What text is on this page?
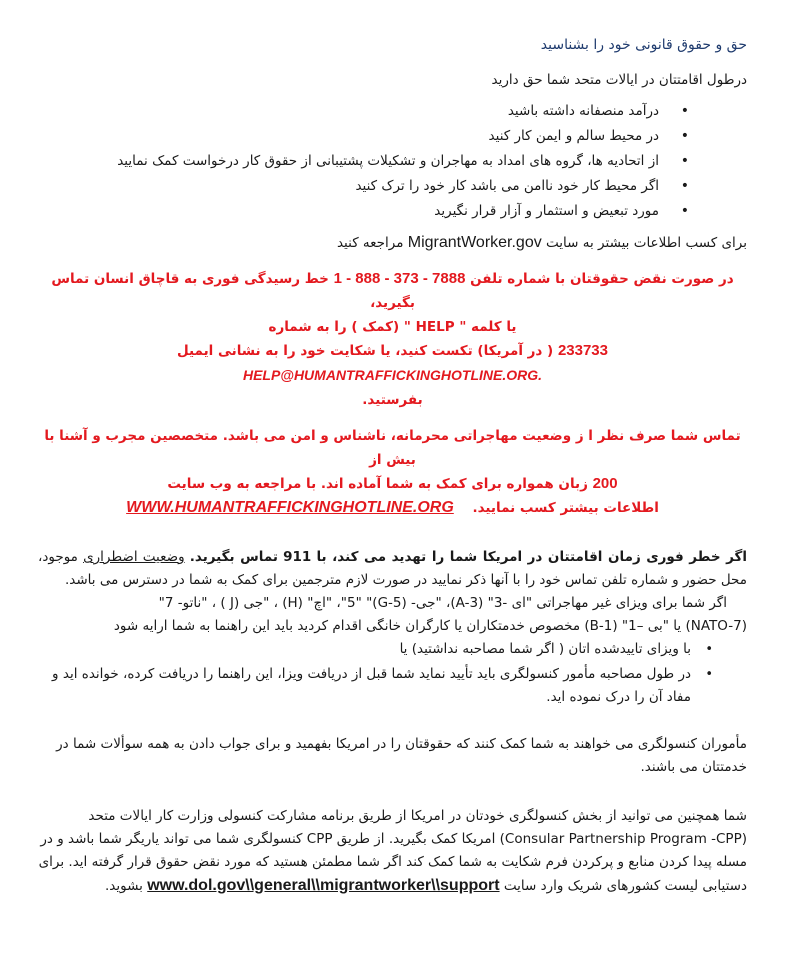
حق و حقوق قانونی خود را بشناسید

درطول اقامتتان در ایالات متحد شما حق دارید

• درآمد منصفانه داشته باشید
• در محیط سالم و ایمن کار کنید
• از اتحادیه ها، گروه های امداد به مهاجران و تشکیلات پشتیبانی از حقوق کار درخواست کمک نمایید
• اگر محیط کار خود ناامن می باشد کار خود را ترک کنید
• مورد تبعیض و استثمار و آزار قرار نگیرید

برای کسب اطلاعات بیشتر به سایت MigrantWorker.gov مراجعه کنید

در صورت نقض حقوقتان با شماره تلفن 7888 - 373 - 888 - 1 خط رسیدگی فوری به قاچاق انسان تماس بگیرید،

یا کلمه " HELP " (کمک ) را به شماره

233733 ( در آمریکا) تکست کنید، یا شکایت خود را به نشانی ایمیل

HELP@HUMANTRAFFICKINGHOTLINE.ORG.

بفرستید.

تماس شما صرف نظر ا ز وضعیت مهاجراتی محرمانه، ناشناس و امن می باشد. متخصصین مجرب و آشنا با بیش از

200 زبان همواره برای کمک به شما آماده اند. با مراجعه به وب سایت

اطلاعات بیشتر کسب نمایید. WWW.HUMANTRAFFICKINGHOTLINE.ORG

اگر خطر فوری زمان اقامتتان در امریکا شما را تهدید می کند، با 911 تماس بگیرید. وضعیت اضطراری موجود، محل حضور و شماره تلفن تماس خود را با آنها ذکر نمایید در صورت لازم مترجمین برای کمک به شما در دسترس می باشد.

اگر شما برای ویزای غیر مهاجراتی "ای -3" (A-3)، "جی- (G-5)" "5"، "اچ" (H) ، "جی (J ) ، "ناتو- 7"
(NATO-7) یا "بی –1" (B-1) مخصوص خدمتکاران یا کارگران خانگی اقدام کردید باید این راهنما به شما ارایه شود

• با ویزای تاییدشده اتان ( اگر شما مصاحبه نداشتید) یا
• در طول مصاحبه مأمور کنسولگری باید تأیید نماید شما قبل از دریافت ویزا، این راهنما را دریافت کرده، خوانده اید و مفاد آن را درک نموده اید.

مأموران کنسولگری می خواهند به شما کمک کنند که حقوقتان را در امریکا بفهمید و برای جواب دادن به همه سوألات شما در خدمتتان می باشند.

شما همچنین می توانید از بخش کنسولگری خودتان در امریکا از طریق برنامه مشارکت کنسولی وزارت کار ایالات متحد (Consular Partnership Program -CPP) امریکا کمک بگیرید. از طریق CPP کنسولگری شما می تواند یاریگر شما باشد و در مسله پیدا کردن منابع و پرکردن فرم شکایت به شما کمک کند اگر شما مطمئن هستید که مورد نقض حقوق قرار گرفته اید. برای دستیابی لیست کشورهای شریک وارد سایت www.dol.gov\\general\\migrantworker\\support بشوید.
